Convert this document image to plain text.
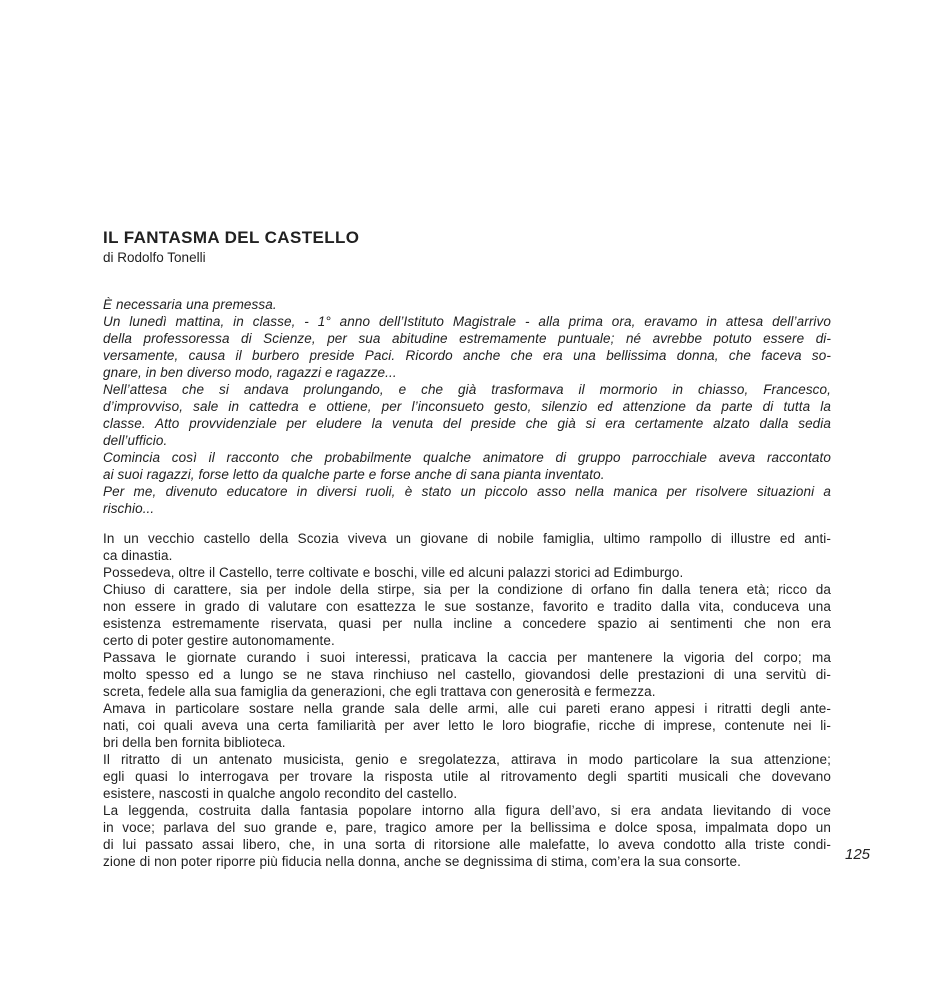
IL FANTASMA DEL CASTELLO
di Rodolfo Tonelli
È necessaria una premessa.
Un lunedì mattina, in classe, - 1° anno dell’Istituto Magistrale - alla prima ora, eravamo in attesa dell’arrivo
della professoressa di Scienze, per sua abitudine estremamente puntuale; né avrebbe potuto essere di-
versamente, causa il burbero preside Paci. Ricordo anche che era una bellissima donna, che faceva so-
gnare, in ben diverso modo, ragazzi e ragazze...
Nell’attesa che si andava prolungando, e che già trasformava il mormorio in chiasso, Francesco,
d’improvviso, sale in cattedra e ottiene, per l’inconsueto gesto, silenzio ed attenzione da parte di tutta la
classe. Atto provvidenziale per eludere la venuta del preside che già si era certamente alzato dalla sedia
dell’ufficio.
Comincia così il racconto che probabilmente qualche animatore di gruppo parrocchiale aveva raccontato
ai suoi ragazzi, forse letto da qualche parte e forse anche di sana pianta inventato.
Per me, divenuto educatore in diversi ruoli, è stato un piccolo asso nella manica per risolvere situazioni a
rischio...
In un vecchio castello della Scozia viveva un giovane di nobile famiglia, ultimo rampollo di illustre ed anti-
ca dinastia.
Possedeva, oltre il Castello, terre coltivate e boschi, ville ed alcuni palazzi storici ad Edimburgo.
Chiuso di carattere, sia per indole della stirpe, sia per la condizione di orfano fin dalla tenera età; ricco da
non essere in grado di valutare con esattezza le sue sostanze, favorito e tradito dalla vita, conduceva una
esistenza estremamente riservata, quasi per nulla incline a concedere spazio ai sentimenti che non era
certo di poter gestire autonomamente.
Passava le giornate curando i suoi interessi, praticava la caccia per mantenere la vigoria del corpo; ma
molto spesso ed a lungo se ne stava rinchiuso nel castello, giovandosi delle prestazioni di una servitù di-
screta, fedele alla sua famiglia da generazioni, che egli trattava con generosità e fermezza.
Amava in particolare sostare nella grande sala delle armi, alle cui pareti erano appesi i ritratti degli ante-
nati, coi quali aveva una certa familiarità per aver letto le loro biografie, ricche di imprese, contenute nei li-
bri della ben fornita biblioteca.
Il ritratto di un antenato musicista, genio e sregolatezza, attirava in modo particolare la sua attenzione;
egli quasi lo interrogava per trovare la risposta utile al ritrovamento degli spartiti musicali che dovevano
esistere, nascosti in qualche angolo recondito del castello.
La leggenda, costruita dalla fantasia popolare intorno alla figura dell’avo, si era andata lievitando di voce
in voce; parlava del suo grande e, pare, tragico amore per la bellissima e dolce sposa, impalmata dopo un
di lui passato assai libero, che, in una sorta di ritorsione alle malefatte, lo aveva condotto alla triste condi-
zione di non poter riporre più fiducia nella donna, anche se degnissima di stima, com’era la sua consorte.	125
